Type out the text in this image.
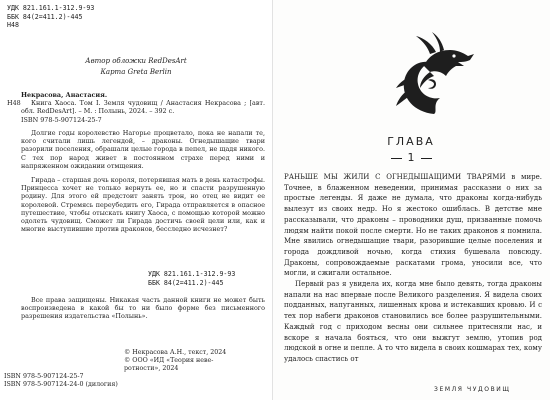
УДК 821.161.1-312.9-93
ББК 84(2=411.2)-445
Н48
Автор обложки RedDesArt
Карта Greta Berlin
Некрасова, Анастасия.
Н48	Книга Хаоса. Том I. Земля чудовищ / Анастасия Некрасова ; [авт. обл. RedDesArt]. – М. : Полынь, 2024. – 392 с.
ISBN 978-5-907124-25-7

Долгие годы королевство Нагорье процветало, пока не напали те, кого считали лишь легендой, – драконы. Огнедышащие твари разорили поселения, обрашали целые города в пепел, не щадя никого. С тех пор народ живет в постоянном страхе перед ними и напряженном ожидании отмщения.

Гирада – старшая дочь короля, потерявшая мать в день катастрофы. Принцесса хочет не только вернуть ее, но и спасти разрушенную родину. Для этого ей предстоит занять трон, но отец не видит ее королевой. Стремясь переубедить его, Гирада отправляется в опасное путешествие, чтобы отыскать книгу Хаоса, с помощью которой можно одолеть чудовищ. Сможет ли Гирада достичь своей цели или, как и многие выступившие против драконов, бесследно исчезнет?

УДК 821.161.1-312.9-93
ББК 84(2=411.2)-445
Все права защищены. Никакая часть данной книги не может быть воспроизведена в какой бы то ни было форме без письменного разрешения издательства «Полынь».
ISBN 978-5-907124-25-7
ISBN 978-5-907124-24-0 (дилогия)
© Некрасова А.Н., текст, 2024
© ООО «ИД «Теория неве-
ротности», 2024
ГЛАВА
1

РАНЬШЕ МЫ ЖИЛИ С ОГНЕДЫШАЩИМИ ТВАРЯМИ в мире. Точнее, в блаженном неведении, принимая рассказни о них за простые легенды. Я даже не думала, что драконы когда-нибудь вылезут из своих недр. Но я жестоко ошиблась. В детстве мне рассказывали, что драконы – проводники душ, призванные помочь людям найти покой после смерти. Но не таких драконов я помнила. Мне явились огнедышащие твари, разорившие целые поселения и города дождливой ночью, когда стихия бушевала повсюду. Драконы, сопровождаемые раскатами грома, уносили все, что могли, и сжигали остальное.

Первый раз я увидела их, когда мне было девять, тогда драконы напали на нас впервые после Великого разделения. Я видела своих подданных, напуганных, лишенных крова и истекавших кровью. И с тех пор набеги драконов становились все более разрушительными. Каждый год с приходом весны они сильнее притесняли нас, и вскоре я начала бояться, что они выжгут землю, утопив род людской в огне и пепле. А то что видела в своих кошмарах тех, кому удалось спастись от

ЗЕМЛЯ ЧУДОВИЩ
